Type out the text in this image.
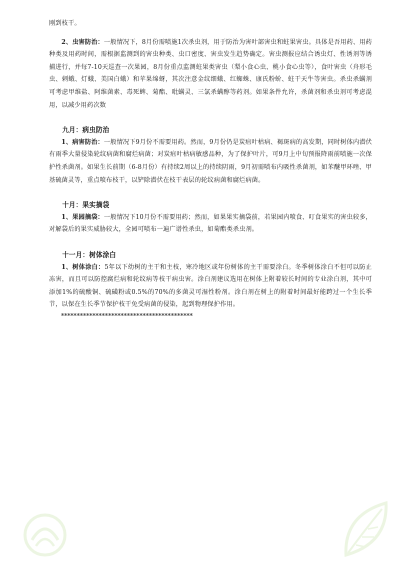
刚到枝干。

2、虫害防治：一般情况下，8月份需喷施1次杀虫剂，用于防治为害叶部害虫和蛀果害虫。具体是吾用药、用药种类及用药时间，需根据监测到的害虫种类、虫口密度、害虫发生趋势确定。害虫测报应结合诱虫灯、性诱剂等诱捕进行，并每7-10天巡查一次果园，8月份重点监测蛀果类害虫（梨小食心虫、桃小食心虫等），食叶害虫（舟形毛虫、刺蛾、灯蛾、美国白蛾）和苹果绵蚜，其次注意金纹细蛾、红蜘蛛、康氏粉蚧、蛀干天牛等害虫。杀虫杀螨剂可考虑甲维盐、阿维菌素、毒死蜱、菊酯、吡螨灵、三氯杀螨醇等药剂。如果条件允许，杀菌剂和杀虫剂可考虑混用，以减少用药次数

九月：病虫防治

1、病害防治：一般情况下9月份不需要用药。然而，9月份仍是炭疽叶枯病、褐斑病的高发期，同时树体内潜伏有雨季大量侵染轮纹病菌和腐烂病菌；对炭疽叶枯病敏感品种，为了保护叶片，可9月上中旬预报降雨前喷施一次保护性杀菌剂。如果生长前期（6-8月份）有持续2周以上的持续阴雨，9月初需喷布内吸性杀菌剂，如苯醚甲环唑、甲基硫菌灵等，重点喷布枝干，以铲除潜伏在枝干表层的轮纹病菌和腐烂病菌。

十月：果实摘袋

1、果园摘袋：一般情况下10月份不需要用药；然而，如果果实摘袋前，若果园内喷食、叮食果实的害虫较多，对解袋后的果实威胁较大，全园可喷布一遍广谱性杀虫，如菊酯类杀虫剂。

十一月：树体涂白

1、树体涂白：5年以下幼树的主干和主枝，寒冷地区或年份树体的主干需要涂白。冬季树体涂白不但可以防止冻害，而且可以防控腐烂病和轮纹病等枝干病虫害。涂白剂建议选用在树体上附着较长时间的专业涂白剂，其中可添加1%的硫酸铜、硫磺粉或0.5%的70%的多菌灵可湿性粉剂。涂白剂在树上的附着时间最好能跨过一个生长季节，以保在生长季节保护枝干免受病菌的侵染，起到物理保护作用。

******************************************
